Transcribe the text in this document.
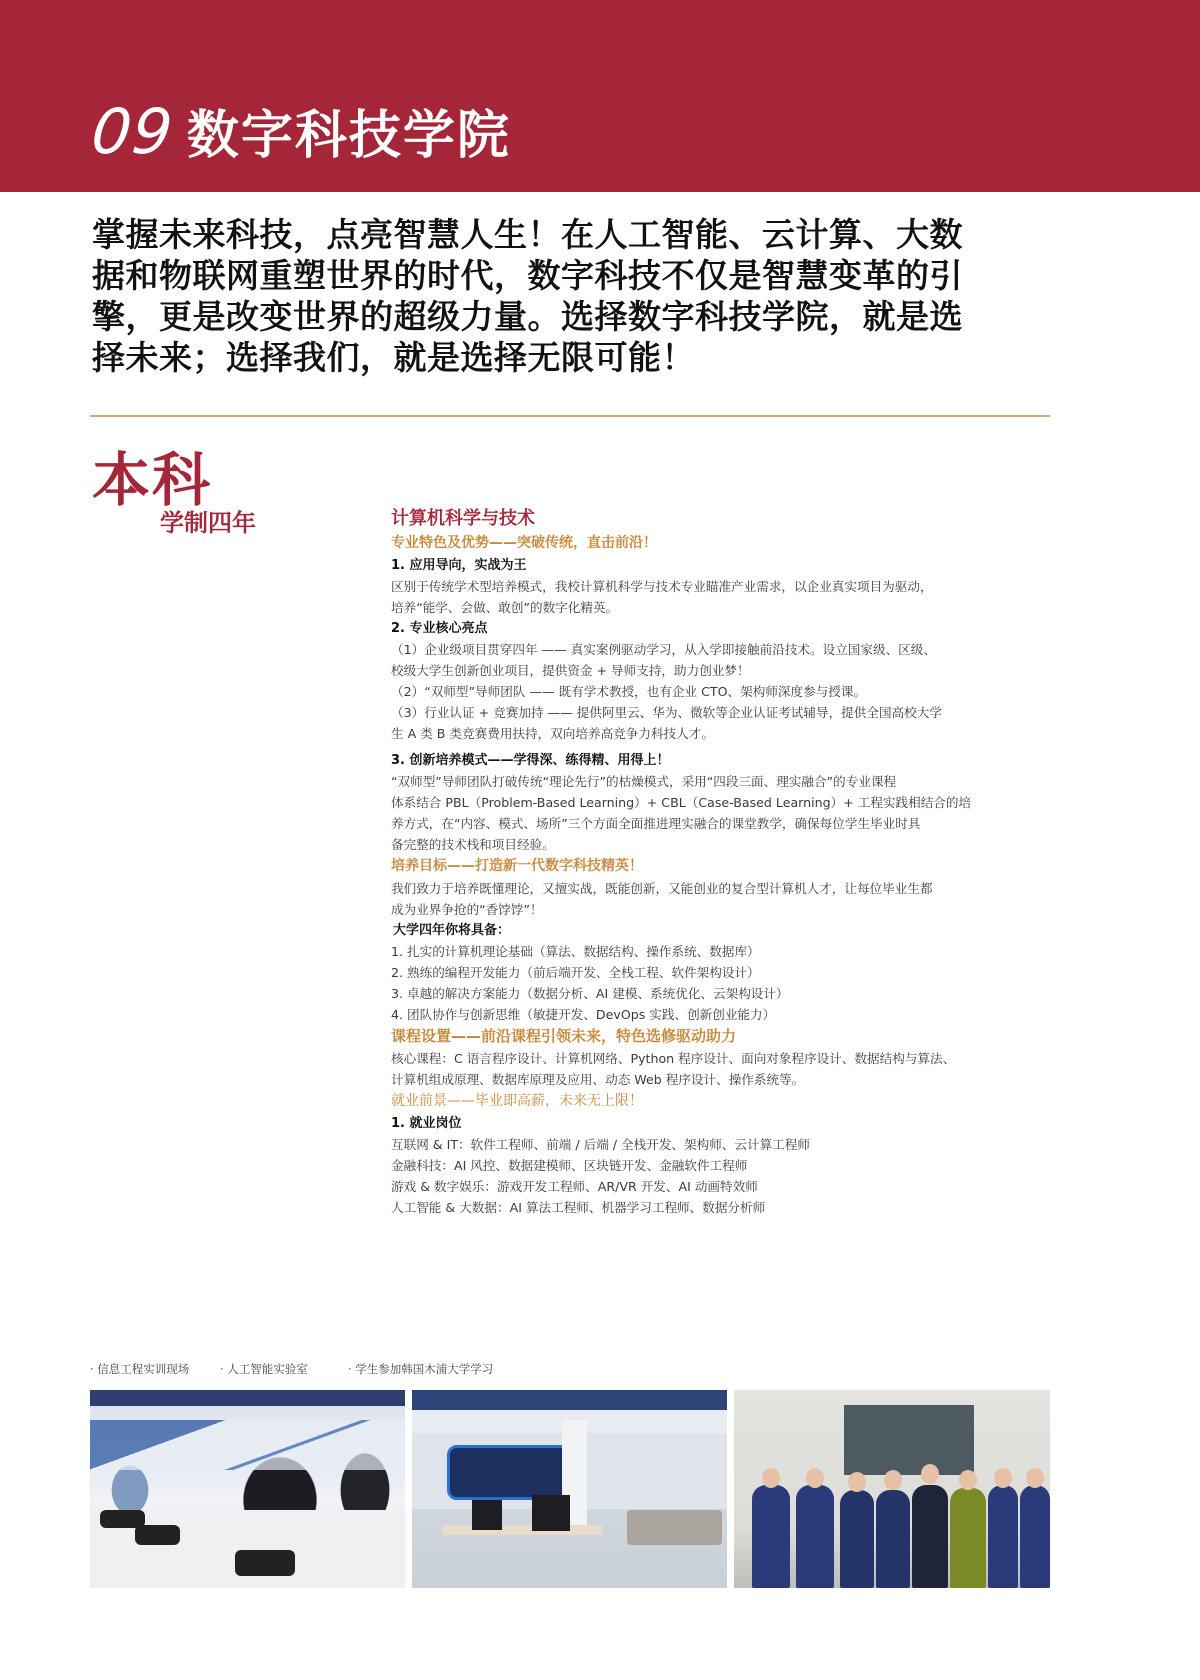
09 数字科技学院
掌握未来科技，点亮智慧人生！在人工智能、云计算、大数
据和物联网重塑世界的时代，数字科技不仅是智慧变革的引
擎，更是改变世界的超级力量。选择数字科技学院，就是选
择未来；选择我们，就是选择无限可能！
本科
学制四年	计算机科学与技术
专业特色及优势——突破传统，直击前沿！
1. 应用导向，实战为王
区别于传统学术型培养模式，我校计算机科学与技术专业瞄准产业需求，以企业真实项目为驱动，
培养“能学、会做、敢创”的数字化精英。
2. 专业核心亮点
（1）企业级项目贯穿四年 —— 真实案例驱动学习，从入学即接触前沿技术。设立国家级、区级、
校级大学生创新创业项目，提供资金 + 导师支持，助力创业梦！
（2）“双师型”导师团队 —— 既有学术教授，也有企业 CTO、架构师深度参与授课。
（3）行业认证 + 竞赛加持 —— 提供阿里云、华为、微软等企业认证考试辅导，提供全国高校大学
生 A 类 B 类竞赛费用扶持，双向培养高竞争力科技人才。
3. 创新培养模式——学得深、练得精、用得上！
“双师型”导师团队打破传统“理论先行”的枯燥模式，采用“四段三面、理实融合”的专业课程
体系结合 PBL（Problem-Based Learning）+ CBL（Case-Based Learning）+ 工程实践相结合的培
养方式，在“内容、模式、场所”三个方面全面推进理实融合的课堂教学，确保每位学生毕业时具
备完整的技术栈和项目经验。
培养目标——打造新一代数字科技精英！
我们致力于培养既懂理论，又擅实战，既能创新，又能创业的复合型计算机人才，让每位毕业生都
成为业界争抢的“香饽饽”！
大学四年你将具备：
1. 扎实的计算机理论基础（算法、数据结构、操作系统、数据库）
2. 熟练的编程开发能力（前后端开发、全栈工程、软件架构设计）
3. 卓越的解决方案能力（数据分析、AI 建模、系统优化、云架构设计）
4. 团队协作与创新思维（敏捷开发、DevOps 实践、创新创业能力）
课程设置——前沿课程引领未来，特色选修驱动助力
核心课程：C 语言程序设计、计算机网络、Python 程序设计、面向对象程序设计、数据结构与算法、
计算机组成原理、数据库原理及应用、动态 Web 程序设计、操作系统等。
就业前景——毕业即高薪，未来无上限！
1. 就业岗位
互联网 & IT：软件工程师、前端 / 后端 / 全栈开发、架构师、云计算工程师
金融科技：AI 风控、数据建模师、区块链开发、金融软件工程师
游戏 & 数字娱乐：游戏开发工程师、AR/VR 开发、AI 动画特效师
人工智能 & 大数据：AI 算法工程师、机器学习工程师、数据分析师
· 信息工程实训现场	· 人工智能实验室	· 学生参加韩国木浦大学学习
